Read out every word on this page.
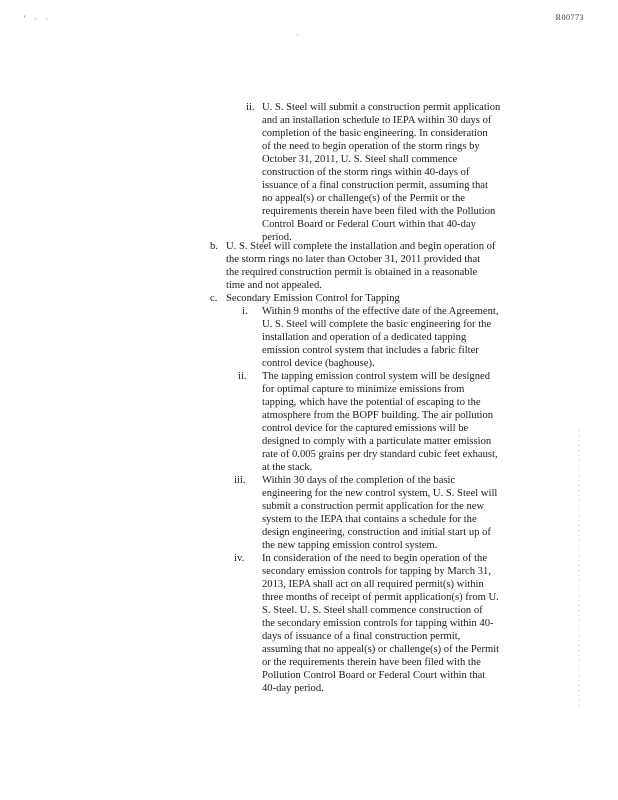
' · ·
·
R00773
ii. U. S. Steel will submit a construction permit application
and an installation schedule to IEPA within 30 days of
completion of the basic engineering. In consideration
of the need to begin operation of the storm rings by
October 31, 2011, U. S. Steel shall commence
construction of the storm rings within 40-days of
issuance of a final construction permit, assuming that
no appeal(s) or challenge(s) of the Permit or the
requirements therein have been filed with the Pollution
Control Board or Federal Court within that 40-day
period.
b. U. S. Steel will complete the installation and begin operation of
the storm rings no later than October 31, 2011 provided that
the required construction permit is obtained in a reasonable
time and not appealed.
c. Secondary Emission Control for Tapping
i. Within 9 months of the effective date of the Agreement,
U. S. Steel will complete the basic engineering for the
installation and operation of a dedicated tapping
emission control system that includes a fabric filter
control device (baghouse).
ii. The tapping emission control system will be designed
for optimal capture to minimize emissions from
tapping, which have the potential of escaping to the
atmosphere from the BOPF building. The air pollution
control device for the captured emissions will be
designed to comply with a particulate matter emission
rate of 0.005 grains per dry standard cubic feet exhaust,
at the stack.
iii. Within 30 days of the completion of the basic
engineering for the new control system, U. S. Steel will
submit a construction permit application for the new
system to the IEPA that contains a schedule for the
design engineering, construction and initial start up of
the new tapping emission control system.
iv. In consideration of the need to begin operation of the
secondary emission controls for tapping by March 31,
2013, IEPA shall act on all required permit(s) within
three months of receipt of permit application(s) from U.
S. Steel. U. S. Steel shall commence construction of
the secondary emission controls for tapping within 40-
days of issuance of a final construction permit,
assuming that no appeal(s) or challenge(s) of the Permit
or the requirements therein have been filed with the
Pollution Control Board or Federal Court within that
40-day period.
